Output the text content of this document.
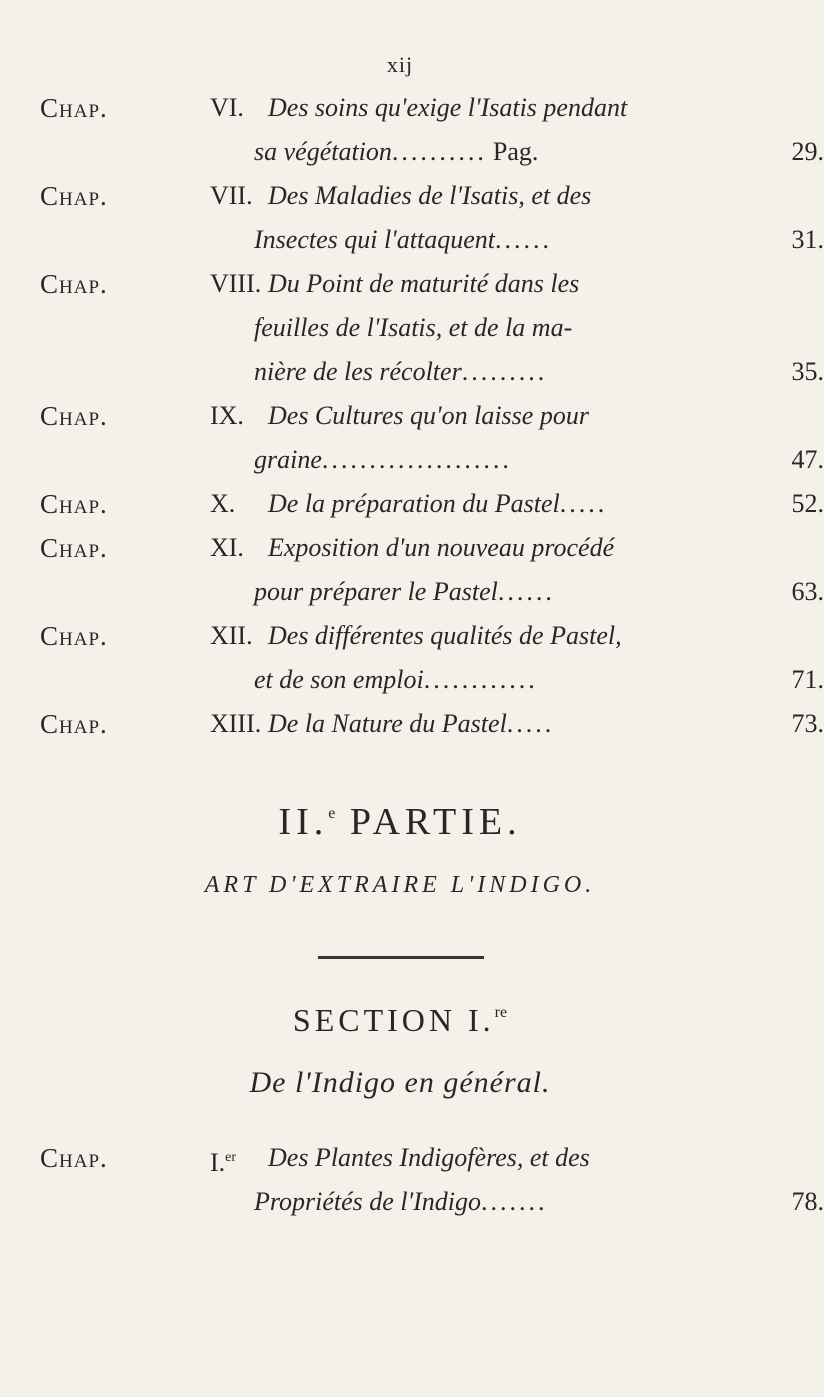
xij
Chap.	VI. Des soins qu'exige l'Isatis pendant
sa végétation.......... Pag.	29.
Chap.	VII. Des Maladies de l'Isatis, et des
Insectes qui l'attaquent......	31.
Chap.	VIII. Du Point de maturité dans les
feuilles de l'Isatis, et de la ma-
nière de les récolter.........	35.
Chap.	IX. Des Cultures qu'on laisse pour
graine....................	47.
Chap.	X. De la préparation du Pastel.....	52.
Chap.	XI. Exposition d'un nouveau procédé
pour préparer le Pastel......	63.
Chap.	XII. Des différentes qualités de Pastel,
et de son emploi............	71.
Chap.	XIII. De la Nature du Pastel.....	73.
II.$^e$ PARTIE.
ART D'EXTRAIRE L'INDIGO.
SECTION I.$^{re}$
De l'Indigo en général.
Chap.	I.$^{er}$ Des Plantes Indigofères, et des
Propriétés de l'Indigo.......	78.
